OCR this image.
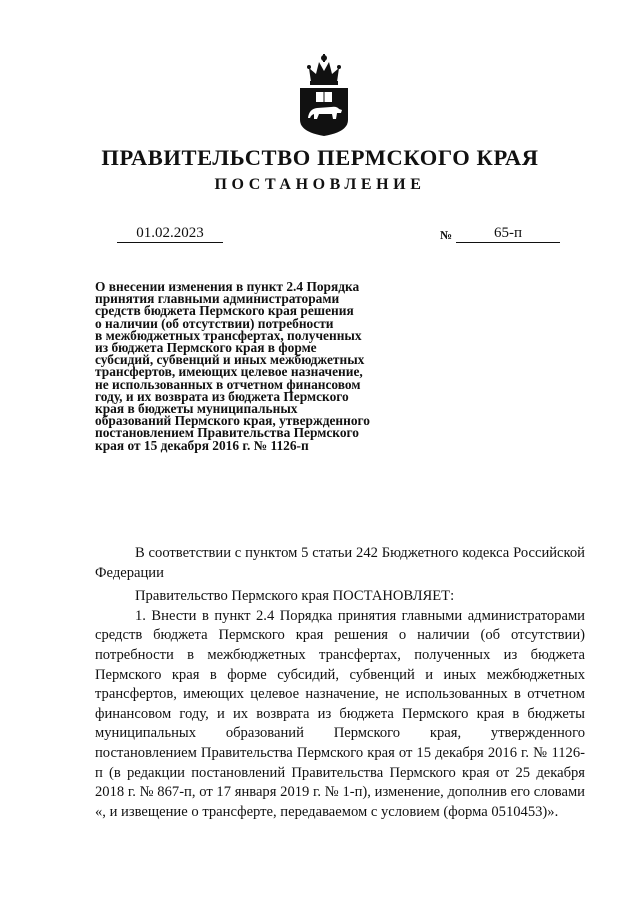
ПРАВИТЕЛЬСТВО ПЕРМСКОГО КРАЯ
ПОСТАНОВЛЕНИЕ
01.02.2023	№	65-п
О внесении изменения в пункт 2.4 Порядка
принятия главными администраторами
средств бюджета Пермского края решения
о наличии (об отсутствии) потребности
в межбюджетных трансфертах, полученных
из бюджета Пермского края в форме
субсидий, субвенций и иных межбюджетных
трансфертов, имеющих целевое назначение,
не использованных в отчетном финансовом
году, и их возврата из бюджета Пермского
края в бюджеты муниципальных
образований Пермского края, утвержденного
постановлением Правительства Пермского
края от 15 декабря 2016 г. № 1126-п

В соответствии с пунктом 5 статьи 242 Бюджетного кодекса Российской Федерации

Правительство Пермского края ПОСТАНОВЛЯЕТ:

1. Внести в пункт 2.4 Порядка принятия главными администраторами средств бюджета Пермского края решения о наличии (об отсутствии) потребности в межбюджетных трансфертах, полученных из бюджета Пермского края в форме субсидий, субвенций и иных межбюджетных трансфертов, имеющих целевое назначение, не использованных в отчетном финансовом году, и их возврата из бюджета Пермского края в бюджеты муниципальных образований Пермского края, утвержденного постановлением Правительства Пермского края от 15 декабря 2016 г. № 1126-п (в редакции постановлений Правительства Пермского края от 25 декабря 2018 г. № 867-п, от 17 января 2019 г. № 1-п), изменение, дополнив его словами «, и извещение о трансферте, передаваемом с условием (форма 0510453)».
